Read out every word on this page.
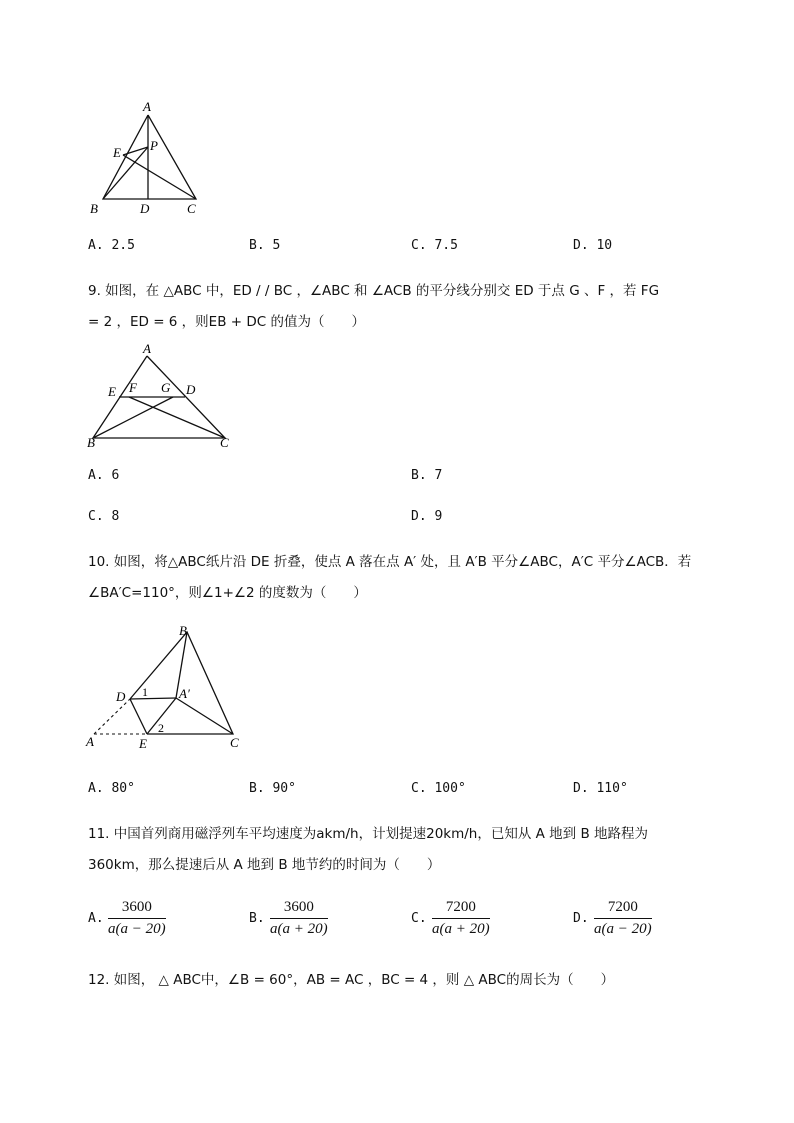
A
E P
B	D	C
A. 2.5	B. 5	C. 7.5	D. 10
9. 如图，在 △ABC 中，ED / / BC ，∠ABC 和 ∠ACB 的平分线分别交 ED 于点 G 、F ，若 FG
= 2 ，ED = 6 ，则EB + DC 的值为（　　）
A
E F G D
B	C
A. 6	B. 7
C. 8	D. 9
10. 如图，将△ABC纸片沿 DE 折叠，使点 A 落在点 A′ 处，且 A′B 平分∠ABC，A′C 平分∠ACB．若
∠BA′C=110°，则∠1+∠2 的度数为（　　）
B
D 1 A′
2
A	E	C
A. 80°	B. 90°	C. 100°	D. 110°
11. 中国首列商用磁浮列车平均速度为akm/h，计划提速20km/h，已知从 A 地到 B 地路程为
360km，那么提速后从 A 地到 B 地节约的时间为（　　）
A. $\frac{3600}{a(a - 20)}$	B. $\frac{3600}{a(a + 20)}$	C. $\frac{7200}{a(a + 20)}$	D. $\frac{7200}{a(a - 20)}$
12. 如图， △ ABC中，∠B = 60°，AB = AC ，BC = 4 ，则 △ ABC的周长为（　　）
